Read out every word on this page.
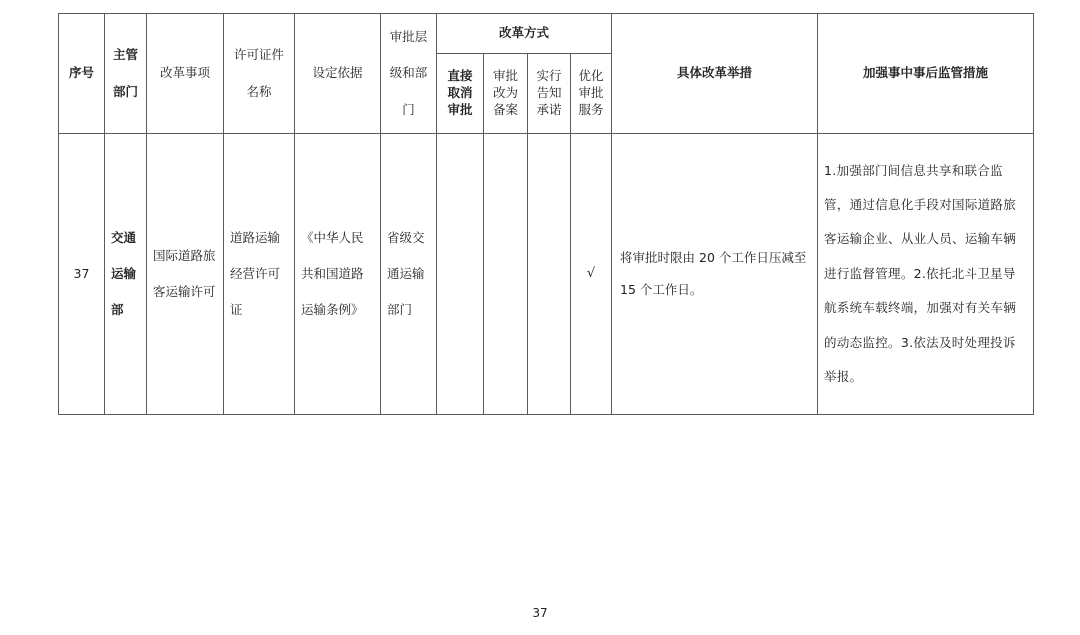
序号	主管部门	改革事项	许可证件名称	设定依据	审批层级和部门	改革方式				具体改革举措	加强事中事后监管措施
						直接取消审批	审批改为备案	实行告知承诺	优化审批服务		
37	交通运输部	国际道路旅客运输许可	道路运输经营许可证	《中华人民共和国道路运输条例》	省级交通运输部门				√	将审批时限由 20 个工作日压减至 15 个工作日。	1.加强部门间信息共享和联合监管，通过信息化手段对国际道路旅客运输企业、从业人员、运输车辆进行监督管理。2.依托北斗卫星导航系统车载终端，加强对有关车辆的动态监控。3.依法及时处理投诉举报。
37
